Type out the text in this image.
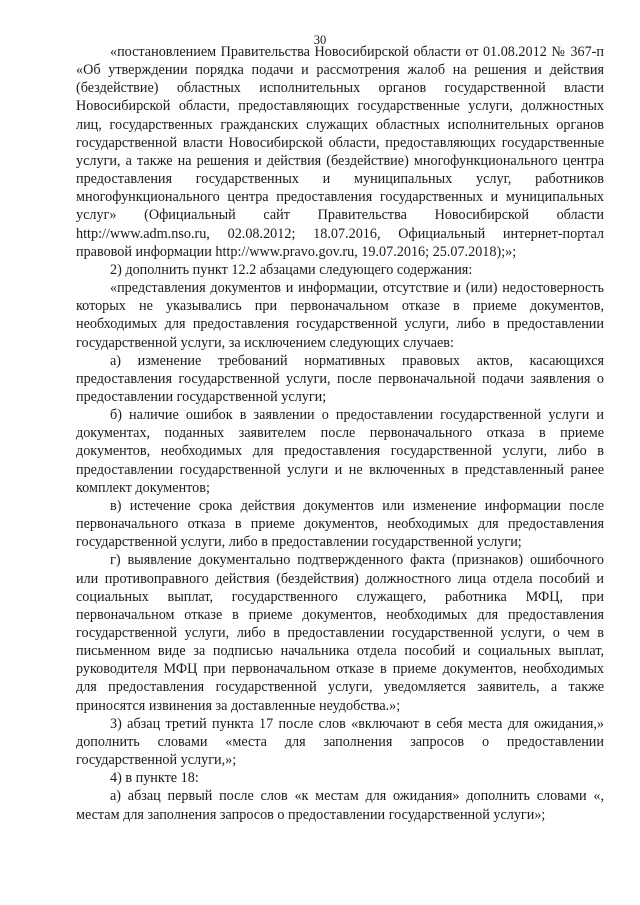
30

«постановлением Правительства Новосибирской области от 01.08.2012 № 367-п «Об утверждении порядка подачи и рассмотрения жалоб на решения и действия (бездействие) областных исполнительных органов государственной власти Новосибирской области, предоставляющих государственные услуги, должностных лиц, государственных гражданских служащих областных исполнительных органов государственной власти Новосибирской области, предоставляющих государственные услуги, а также на решения и действия (бездействие) многофункционального центра предоставления государственных и муниципальных услуг, работников многофункционального центра предоставления государственных и муниципальных услуг» (Официальный сайт Правительства Новосибирской области http://www.adm.nso.ru, 02.08.2012; 18.07.2016, Официальный интернет-портал правовой информации http://www.pravo.gov.ru, 19.07.2016; 25.07.2018);»;

2) дополнить пункт 12.2 абзацами следующего содержания:

«представления документов и информации, отсутствие и (или) недостоверность которых не указывались при первоначальном отказе в приеме документов, необходимых для предоставления государственной услуги, либо в предоставлении государственной услуги, за исключением следующих случаев:

а) изменение требований нормативных правовых актов, касающихся предоставления государственной услуги, после первоначальной подачи заявления о предоставлении государственной услуги;

б) наличие ошибок в заявлении о предоставлении государственной услуги и документах, поданных заявителем после первоначального отказа в приеме документов, необходимых для предоставления государственной услуги, либо в предоставлении государственной услуги и не включенных в представленный ранее комплект документов;

в) истечение срока действия документов или изменение информации после первоначального отказа в приеме документов, необходимых для предоставления государственной услуги, либо в предоставлении государственной услуги;

г) выявление документально подтвержденного факта (признаков) ошибочного или противоправного действия (бездействия) должностного лица отдела пособий и социальных выплат, государственного служащего, работника МФЦ, при первоначальном отказе в приеме документов, необходимых для предоставления государственной услуги, либо в предоставлении государственной услуги, о чем в письменном виде за подписью начальника отдела пособий и социальных выплат, руководителя МФЦ при первоначальном отказе в приеме документов, необходимых для предоставления государственной услуги, уведомляется заявитель, а также приносятся извинения за доставленные неудобства.»;

3) абзац третий пункта 17 после слов «включают в себя места для ожидания,» дополнить словами «места для заполнения запросов о предоставлении государственной услуги,»;

4) в пункте 18:

а) абзац первый после слов «к местам для ожидания» дополнить словами «, местам для заполнения запросов о предоставлении государственной услуги»;
